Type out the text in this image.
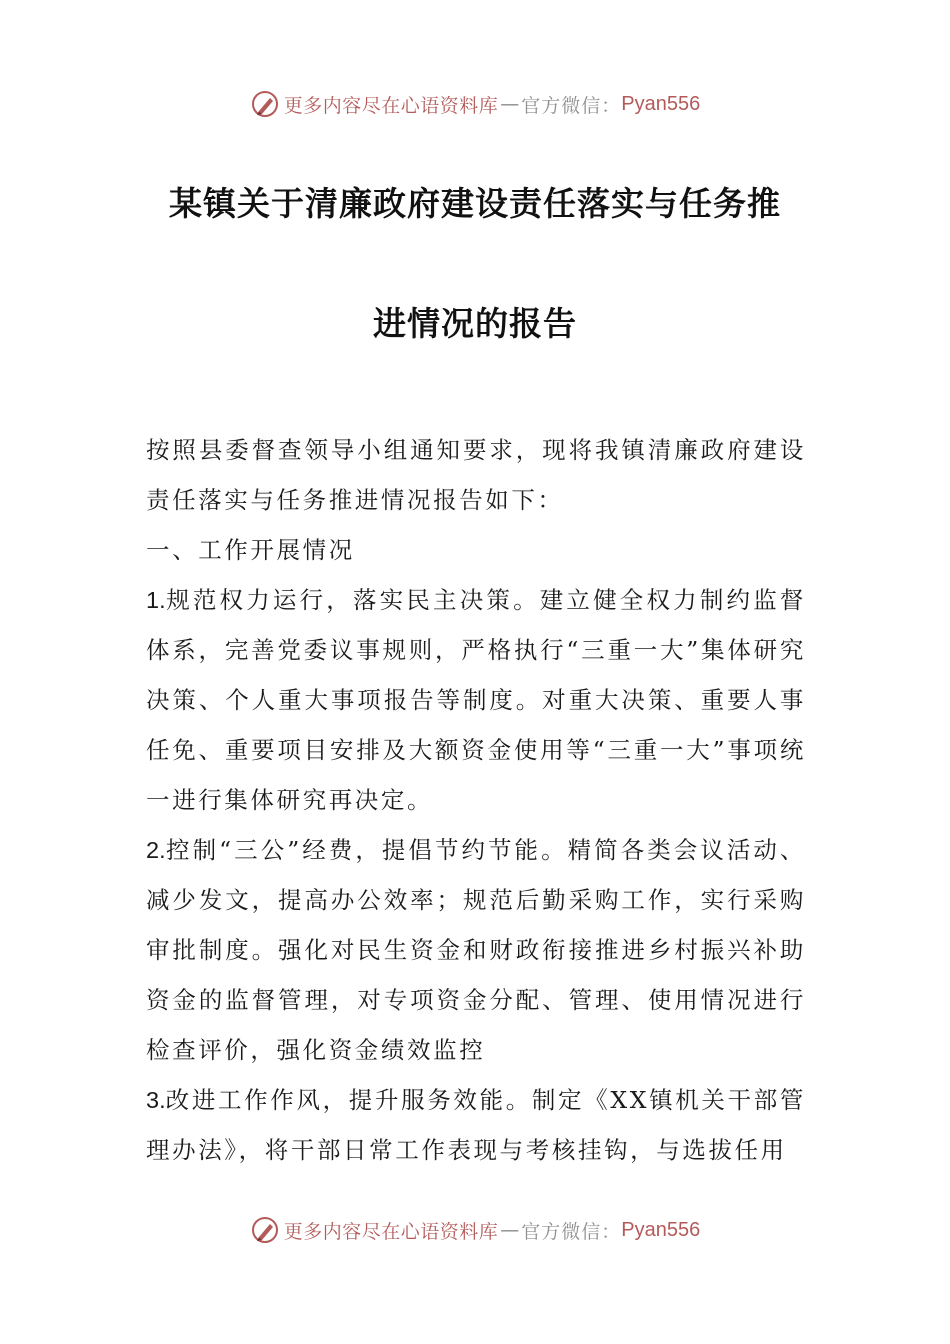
更多内容尽在心语资料库 — 官方微信： Pyan556
某镇关于清廉政府建设责任落实与任务推
进情况的报告

按照县委督查领导小组通知要求，现将我镇清廉政府建设责任落实与任务推进情况报告如下：

一、工作开展情况

1.规范权力运行，落实民主决策。建立健全权力制约监督体系，完善党委议事规则，严格执行“三重一大”集体研究决策、个人重大事项报告等制度。对重大决策、重要人事任免、重要项目安排及大额资金使用等“三重一大”事项统一进行集体研究再决定。

2.控制“三公”经费，提倡节约节能。精简各类会议活动、减少发文，提高办公效率；规范后勤采购工作，实行采购审批制度。强化对民生资金和财政衔接推进乡村振兴补助资金的监督管理，对专项资金分配、管理、使用情况进行检查评价，强化资金绩效监控

3.改进工作作风，提升服务效能。制定《XX镇机关干部管理办法》，将干部日常工作表现与考核挂钩，与选拔任用

更多内容尽在心语资料库 — 官方微信： Pyan556
